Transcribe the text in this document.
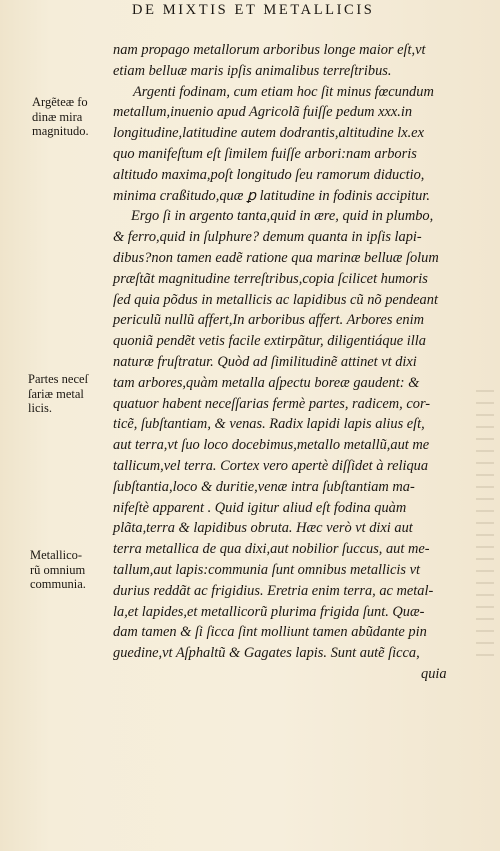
DE MIXTIS ET METALLICIS
nam propago metallorum arboribus longe maior eſt,vt
etiam belluæ maris ipſis animalibus terreſtribus.
Argenti fodinam, cum etiam hoc ſit minus fœcundum
metallum,inuenio apud Agricolã fuiſſe pedum xxx.in
longitudine,latitudine autem dodrantis,altitudine lx.ex
quo manifeſtum eſt ſimilem fuiſſe arbori:nam arboris
altitudo maxima,poſt longitudo ſeu ramorum diductio,
minima craßitudo,quæ ꝑ latitudine in fodinis accipitur.
Ergo ſi in argento tanta,quid in ære, quid in plumbo,
& ferro,quid in ſulphure? demum quanta in ipſis lapi-
dibus?non tamen eadẽ ratione qua marinæ belluæ ſolum
præſtãt magnitudine terreſtribus,copia ſcilicet humoris
ſed quia põdus in metallicis ac lapidibus cũ nõ pendeant
periculũ nullũ affert,In arboribus affert. Arbores enim
quoniã pendẽt vetis facile extirpãtur, diligentiáque illa
naturæ fruſtratur. Quòd ad ſimilitudinẽ attinet vt dixi
tam arbores,quàm metalla aſpectu boreæ gaudent: &
quatuor habent neceſſarias fermè partes, radicem, cor-
ticẽ, ſubſtantiam, & venas. Radix lapidi lapis alius eſt,
aut terra,vt ſuo loco docebimus,metallo metallũ,aut me
tallicum,vel terra. Cortex vero apertè diſſidet à reliqua
ſubſtantia,loco & duritie,venæ intra ſubſtantiam ma-
nifeſtè apparent . Quid igitur aliud eſt fodina quàm
plãta,terra & lapidibus obruta. Hæc verò vt dixi aut
terra metallica de qua dixi,aut nobilior ſuccus, aut me-
tallum,aut lapis:communia ſunt omnibus metallicis vt
durius reddãt ac frigidius. Eretria enim terra, ac metal-
la,et lapides,et metallicorũ plurima frigida ſunt. Quæ-
dam tamen & ſi ſicca ſint molliunt tamen abũdante pin
guedine,vt Aſphaltũ & Gagates lapis. Sunt autẽ ſicca,
quia
Argẽteæ fo
dinæ mira
magnitudo.
Partes neceſ
ſariæ metal
licis.
Metallico-
rũ omnium
communia.
